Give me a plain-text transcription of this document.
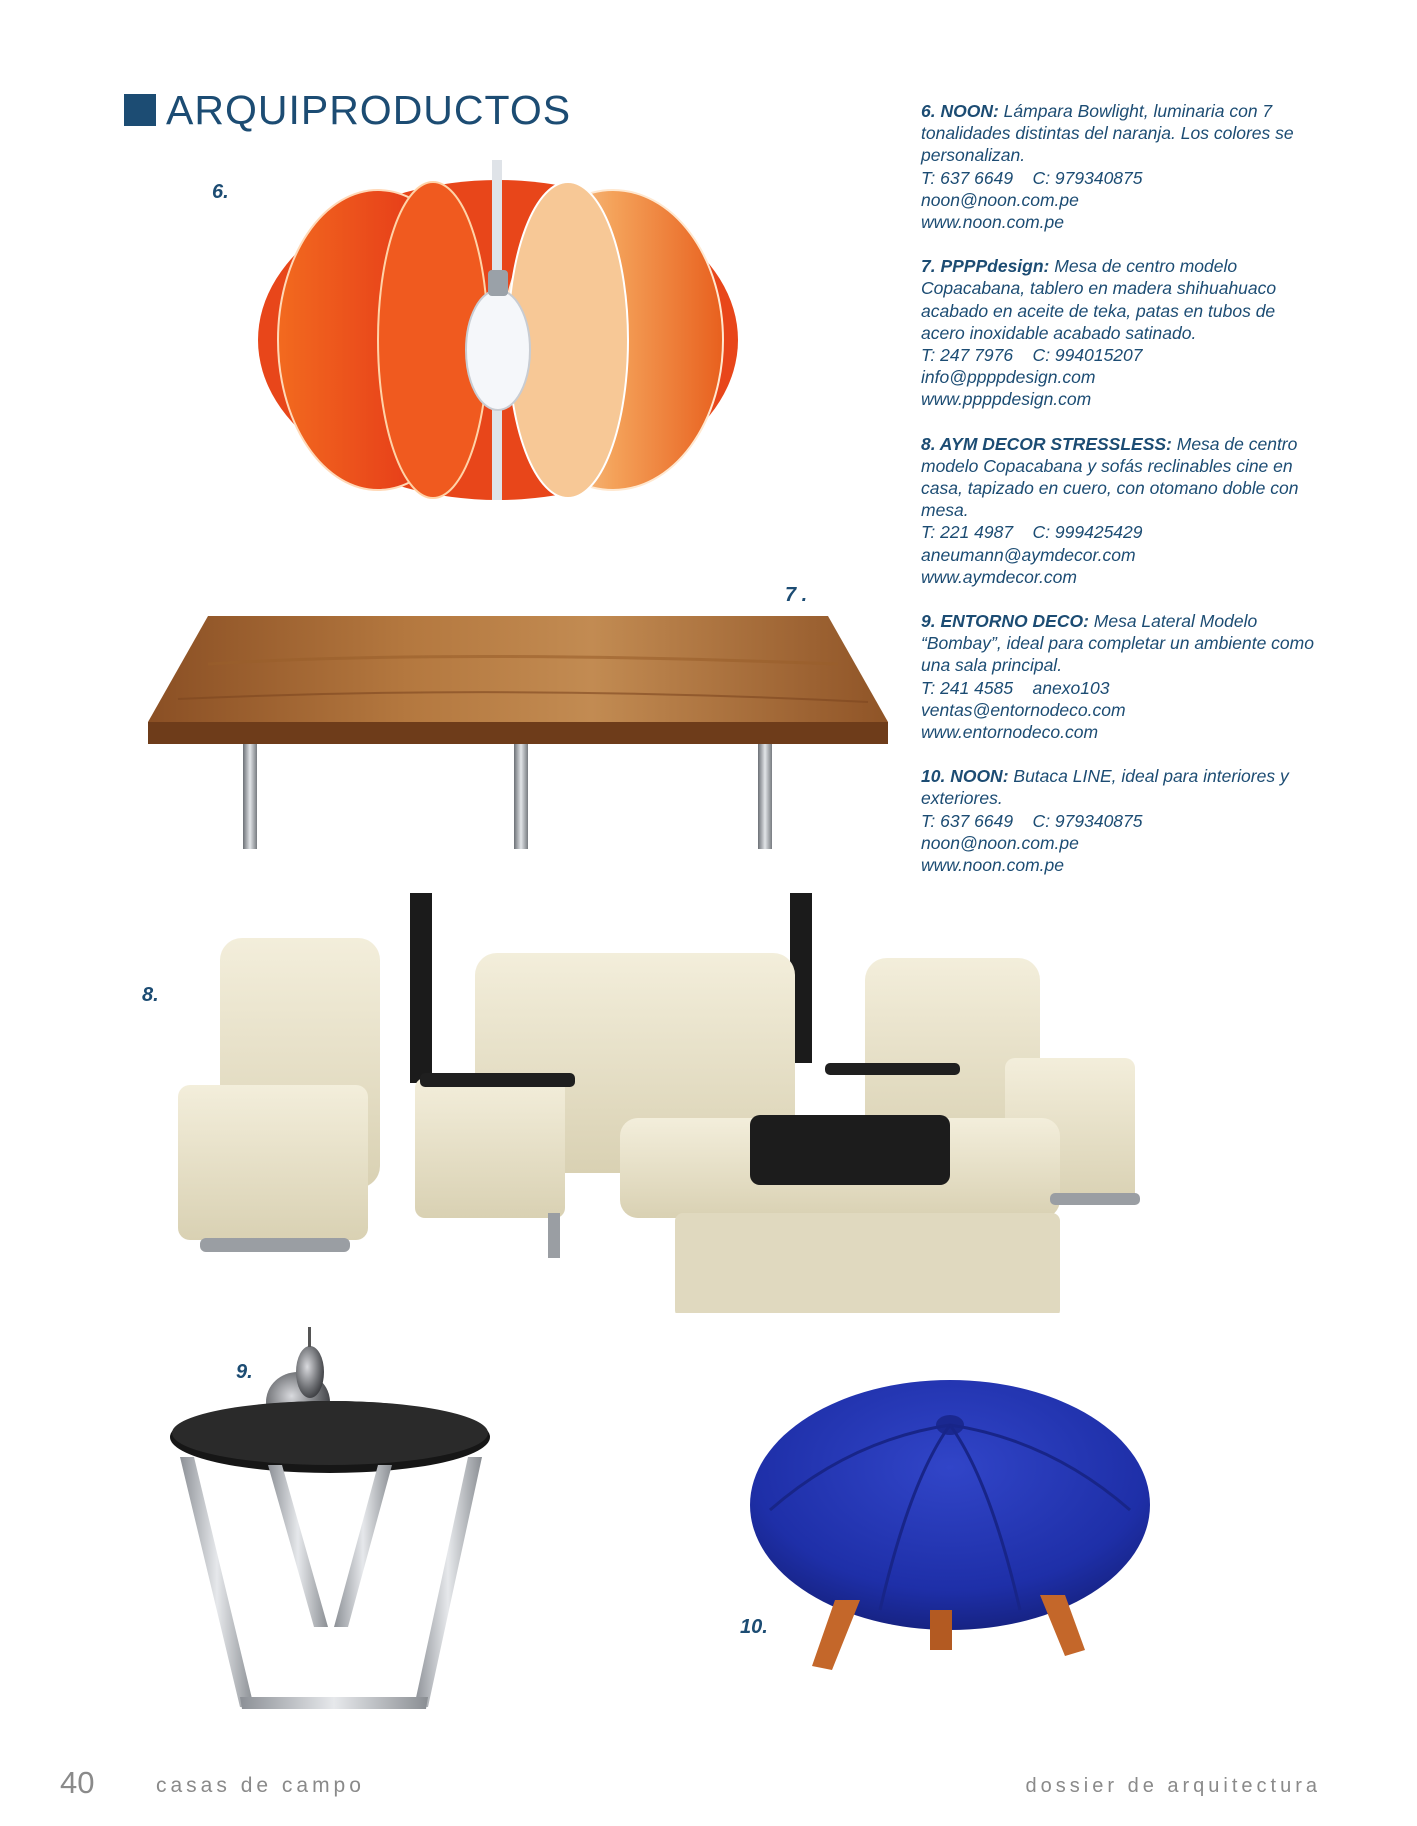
ARQUIPRODUCTOS
6.
7 .
8.
9.
10.

6. NOON: Lámpara Bowlight, luminaria con 7 tonalidades distintas del naranja. Los colores se personalizan.

T: 637 6649    C: 979340875

noon@noon.com.pe

www.noon.com.pe

7. PPPPdesign: Mesa de centro modelo Copacabana, tablero en madera shihuahuaco acabado en aceite de teka, patas en tubos de acero inoxidable acabado satinado.

T: 247 7976    C: 994015207

info@ppppdesign.com

www.ppppdesign.com

8. AYM DECOR STRESSLESS: Mesa de centro modelo Copacabana y sofás reclinables cine en casa, tapizado en cuero, con otomano doble con mesa.

T: 221 4987    C: 999425429

aneumann@aymdecor.com

www.aymdecor.com

9. ENTORNO DECO: Mesa Lateral Modelo “Bombay”, ideal para completar un ambiente como una sala principal.

T: 241 4585    anexo103

ventas@entornodeco.com

www.entornodeco.com

10. NOON: Butaca LINE, ideal para interiores y exteriores.

T: 637 6649    C: 979340875

noon@noon.com.pe

www.noon.com.pe

40	casas de campo	dossier de arquitectura
